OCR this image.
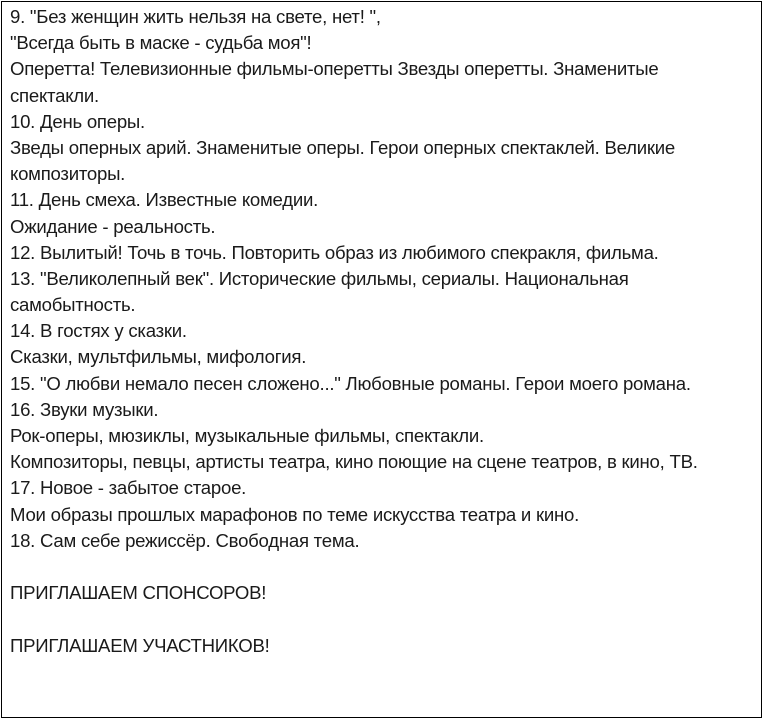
9. "Без женщин жить нельзя на свете, нет! ",
"Всегда быть в маске - судьба моя"!
Оперетта! Телевизионные фильмы-оперетты Звезды оперетты. Знаменитые
спектакли.
10. День оперы.
Зведы оперных арий. Знаменитые оперы. Герои оперных спектаклей. Великие
композиторы.
11. День смеха. Известные комедии.
Ожидание - реальность.
12. Вылитый! Точь в точь. Повторить образ из любимого спекракля, фильма.
13. "Великолепный век". Исторические фильмы, сериалы. Национальная
самобытность.
14. В гостях у сказки.
Сказки, мультфильмы, мифология.
15. "О любви немало песен сложено..." Любовные романы. Герои моего романа.
16. Звуки музыки.
Рок-оперы, мюзиклы, музыкальные фильмы, спектакли.
Композиторы, певцы, артисты театра, кино поющие на сцене театров, в кино, ТВ.
17. Новое - забытое старое.
Мои образы прошлых марафонов по теме искусства театра и кино.
18. Сам себе режиссёр. Свободная тема.
ПРИГЛАШАЕМ СПОНСОРОВ!
ПРИГЛАШАЕМ УЧАСТНИКОВ!
